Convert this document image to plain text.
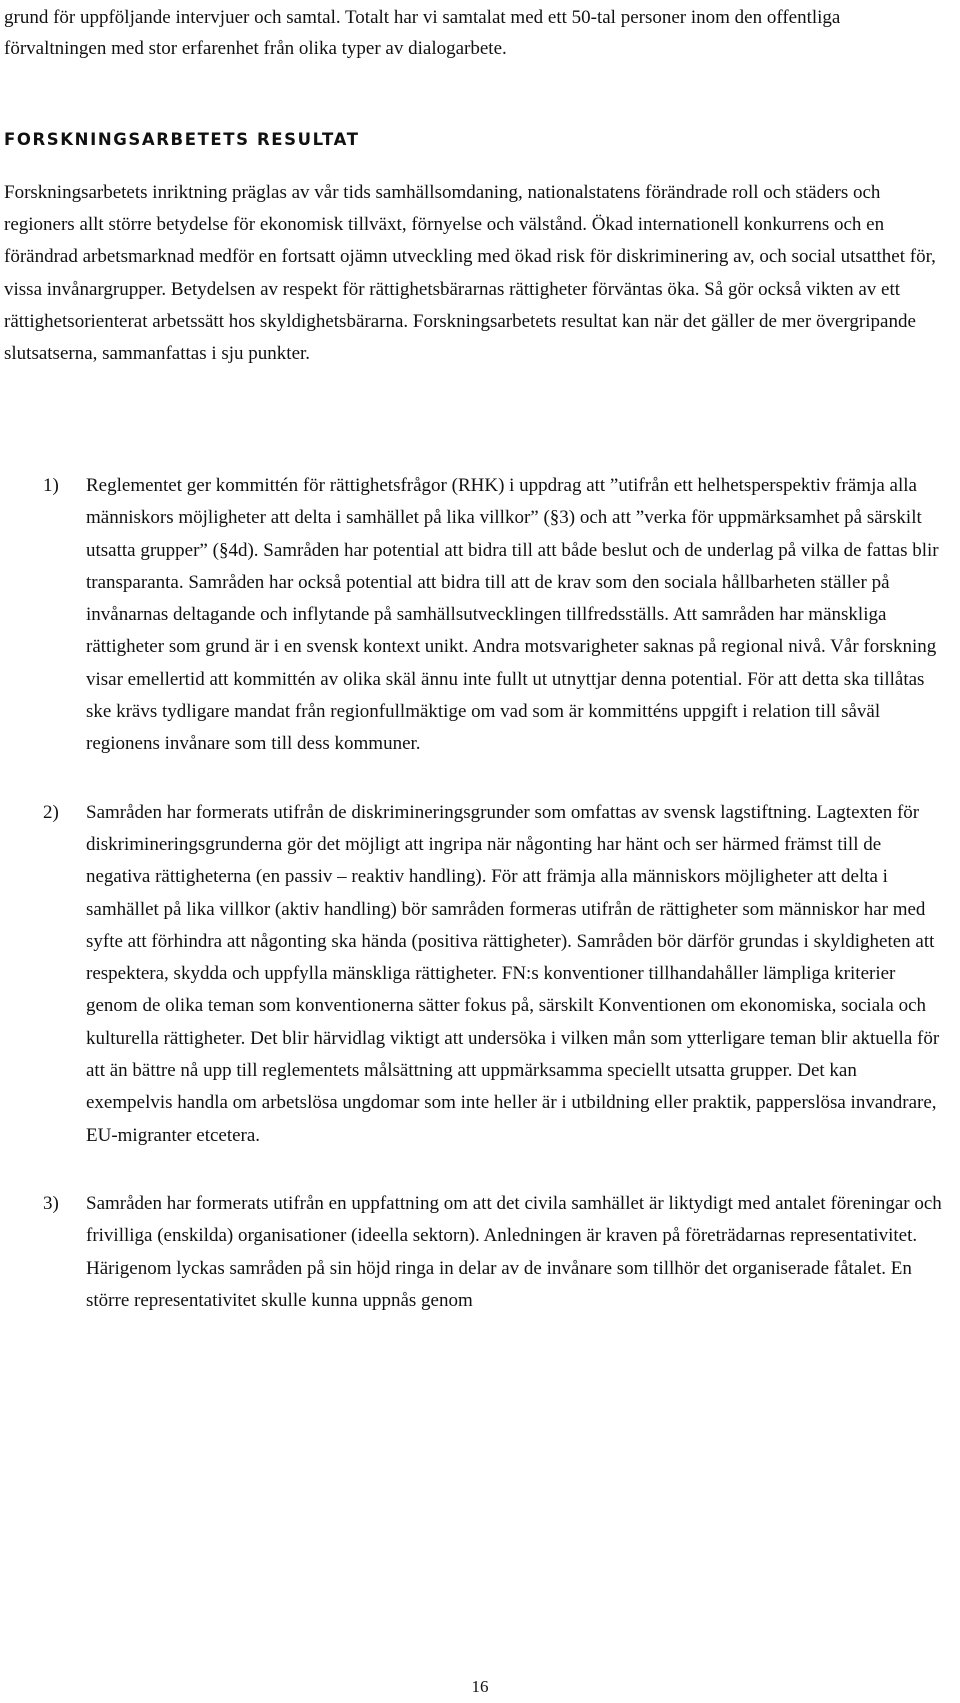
grund för uppföljande intervjuer och samtal. Totalt har vi samtalat med ett 50-tal personer inom den offentliga förvaltningen med stor erfarenhet från olika typer av dialogarbete.

FORSKNINGSARBETETS RESULTAT

Forskningsarbetets inriktning präglas av vår tids samhällsomdaning, nationalstatens förändrade roll och städers och regioners allt större betydelse för ekonomisk tillväxt, förnyelse och välstånd. Ökad internationell konkurrens och en förändrad arbetsmarknad medför en fortsatt ojämn utveckling med ökad risk för diskriminering av, och social utsatthet för, vissa invånargrupper. Betydelsen av respekt för rättighetsbärarnas rättigheter förväntas öka. Så gör också vikten av ett rättighetsorienterat arbetssätt hos skyldighetsbärarna. Forskningsarbetets resultat kan när det gäller de mer övergripande slutsatserna, sammanfattas i sju punkter.

1) Reglementet ger kommittén för rättighetsfrågor (RHK) i uppdrag att ”utifrån ett helhetsperspektiv främja alla människors möjligheter att delta i samhället på lika villkor” (§3) och att ”verka för uppmärksamhet på särskilt utsatta grupper” (§4d). Samråden har potential att bidra till att både beslut och de underlag på vilka de fattas blir transparanta. Samråden har också potential att bidra till att de krav som den sociala hållbarheten ställer på invånarnas deltagande och inflytande på samhällsutvecklingen tillfredsställs. Att samråden har mänskliga rättigheter som grund är i en svensk kontext unikt. Andra motsvarigheter saknas på regional nivå. Vår forskning visar emellertid att kommittén av olika skäl ännu inte fullt ut utnyttjar denna potential. För att detta ska tillåtas ske krävs tydligare mandat från regionfullmäktige om vad som är kommitténs uppgift i relation till såväl regionens invånare som till dess kommuner.
2) Samråden har formerats utifrån de diskrimineringsgrunder som omfattas av svensk lagstiftning. Lagtexten för diskrimineringsgrunderna gör det möjligt att ingripa när någonting har hänt och ser härmed främst till de negativa rättigheterna (en passiv – reaktiv handling). För att främja alla människors möjligheter att delta i samhället på lika villkor (aktiv handling) bör samråden formeras utifrån de rättigheter som människor har med syfte att förhindra att någonting ska hända (positiva rättigheter). Samråden bör därför grundas i skyldigheten att respektera, skydda och uppfylla mänskliga rättigheter. FN:s konventioner tillhandahåller lämpliga kriterier genom de olika teman som konventionerna sätter fokus på, särskilt Konventionen om ekonomiska, sociala och kulturella rättigheter. Det blir härvidlag viktigt att undersöka i vilken mån som ytterligare teman blir aktuella för att än bättre nå upp till reglementets målsättning att uppmärksamma speciellt utsatta grupper. Det kan exempelvis handla om arbetslösa ungdomar som inte heller är i utbildning eller praktik, papperslösa invandrare, EU-migranter etcetera.
3) Samråden har formerats utifrån en uppfattning om att det civila samhället är liktydigt med antalet föreningar och frivilliga (enskilda) organisationer (ideella sektorn). Anledningen är kraven på företrädarnas representativitet. Härigenom lyckas samråden på sin höjd ringa in delar av de invånare som tillhör det organiserade fåtalet. En större representativitet skulle kunna uppnås genom
16
